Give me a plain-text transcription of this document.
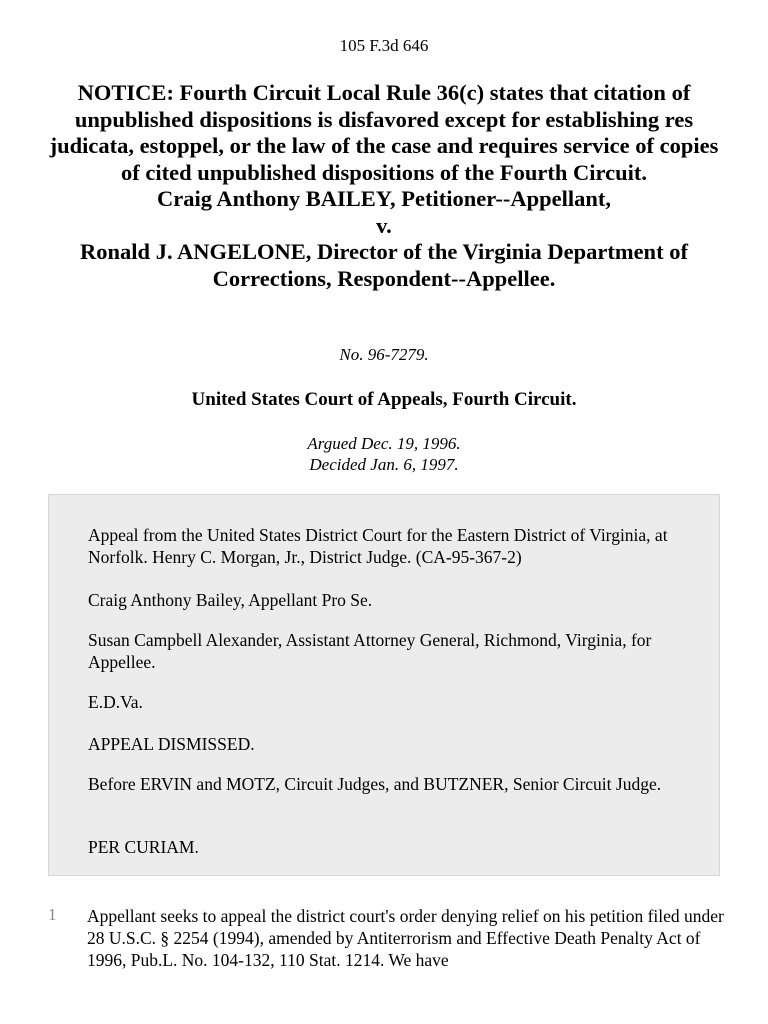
105 F.3d 646
NOTICE: Fourth Circuit Local Rule 36(c) states that citation of unpublished dispositions is disfavored except for establishing res judicata, estoppel, or the law of the case and requires service of copies of cited unpublished dispositions of the Fourth Circuit.
Craig Anthony BAILEY, Petitioner--Appellant,
v.
Ronald J. ANGELONE, Director of the Virginia Department of Corrections, Respondent--Appellee.
No. 96-7279.
United States Court of Appeals, Fourth Circuit.
Argued Dec. 19, 1996.
Decided Jan. 6, 1997.

Appeal from the United States District Court for the Eastern District of Virginia, at Norfolk. Henry C. Morgan, Jr., District Judge. (CA-95-367-2)

Craig Anthony Bailey, Appellant Pro Se.

Susan Campbell Alexander, Assistant Attorney General, Richmond, Virginia, for Appellee.

E.D.Va.

APPEAL DISMISSED.

Before ERVIN and MOTZ, Circuit Judges, and BUTZNER, Senior Circuit Judge.

PER CURIAM.

1 Appellant seeks to appeal the district court's order denying relief on his petition filed under 28 U.S.C. § 2254 (1994), amended by Antiterrorism and Effective Death Penalty Act of 1996, Pub.L. No. 104-132, 110 Stat. 1214. We have
